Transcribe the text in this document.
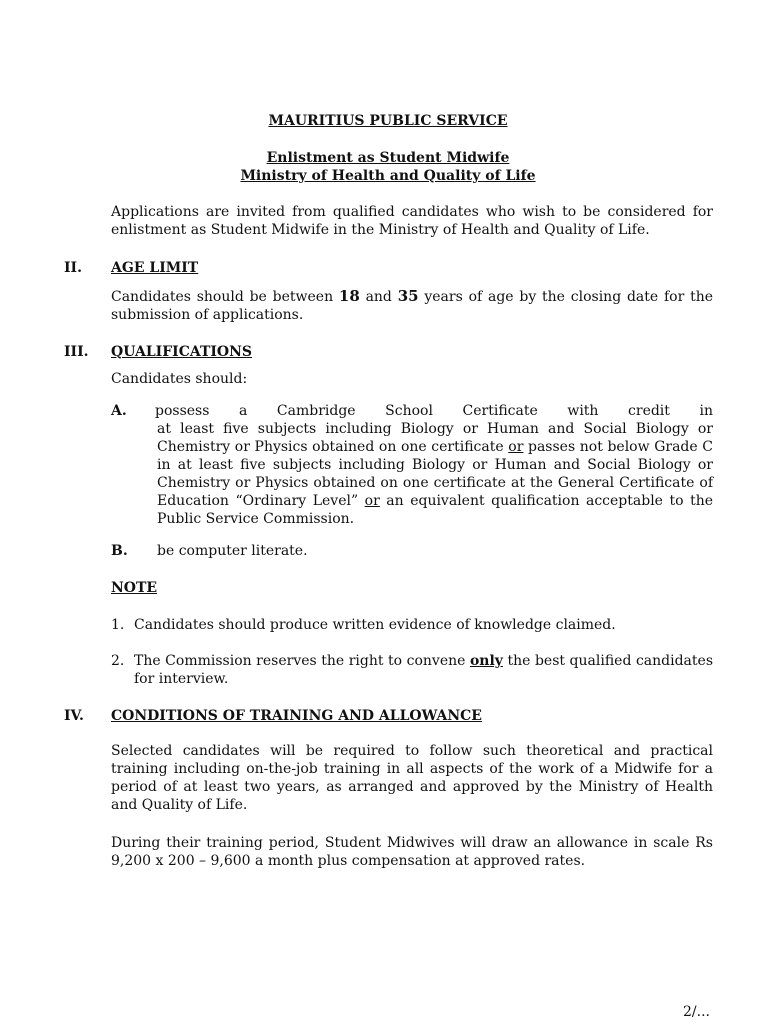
MAURITIUS PUBLIC SERVICE
Enlistment as Student Midwife
Ministry of Health and Quality of Life
Applications are invited from qualified candidates who wish to be considered for enlistment as Student Midwife in the Ministry of Health and Quality of Life.
II. AGE LIMIT
Candidates should be between 18 and 35 years of age by the closing date for the submission of applications.
III. QUALIFICATIONS
Candidates should:
A. possess a Cambridge School Certificate with credit in
at least five subjects including Biology or Human and Social Biology or Chemistry or Physics obtained on one certificate or passes not below Grade C in at least five subjects including Biology or Human and Social Biology or Chemistry or Physics obtained on one certificate at the General Certificate of Education “Ordinary Level” or an equivalent qualification acceptable to the Public Service Commission.
B. be computer literate.
NOTE
1. Candidates should produce written evidence of knowledge claimed.
2. The Commission reserves the right to convene only the best qualified candidates for interview.
IV. CONDITIONS OF TRAINING AND ALLOWANCE
Selected candidates will be required to follow such theoretical and practical training including on-the-job training in all aspects of the work of a Midwife for a period of at least two years, as arranged and approved by the Ministry of Health and Quality of Life.
During their training period, Student Midwives will draw an allowance in scale Rs 9,200 x 200 – 9,600 a month plus compensation at approved rates.
2/...
